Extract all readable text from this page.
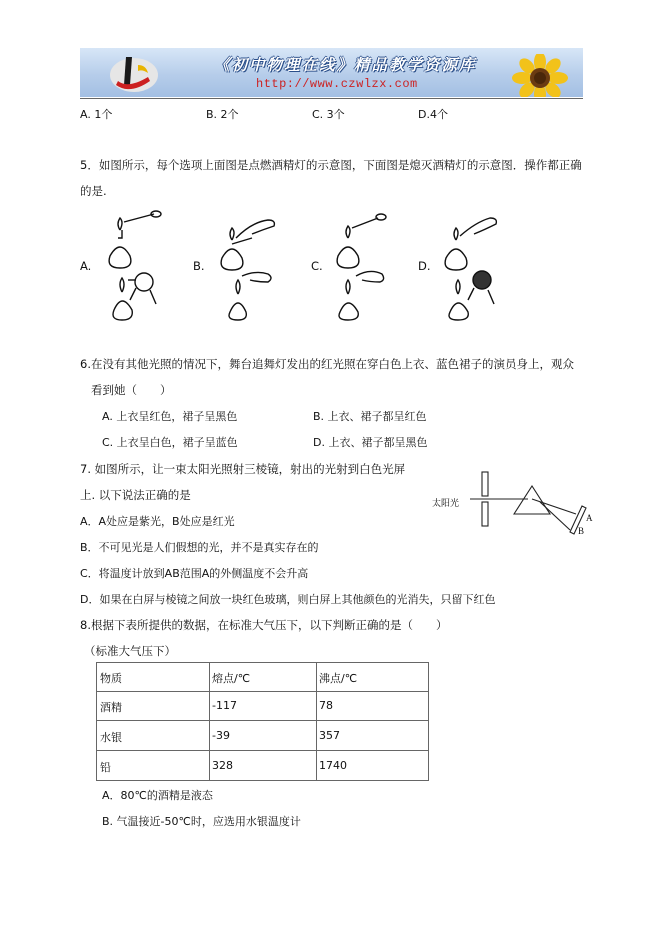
《初中物理在线》精品教学资源库
http://www.czwlzx.com
A. 1个	B. 2个	C. 3个	D.4个
5．如图所示，每个选项上面图是点燃酒精灯的示意图，下面图是熄灭酒精灯的示意图．操作都正确
的是.
A.	B.	C.	D.
6.在没有其他光照的情况下，舞台追舞灯发出的红光照在穿白色上衣、蓝色裙子的演员身上，观众
看到她（　　）
A. 上衣呈红色，裙子呈黑色	B. 上衣、裙子都呈红色
C. 上衣呈白色，裙子呈蓝色	D. 上衣、裙子都呈黑色
7. 如图所示，让一束太阳光照射三棱镜，射出的光射到白色光屏
上. 以下说法正确的是
A．A处应是紫光，B处应是红光
B．不可见光是人们假想的光，并不是真实存在的
C．将温度计放到AB范围A的外侧温度不会升高
D．如果在白屏与棱镜之间放一块红色玻璃，则白屏上其他颜色的光消失，只留下红色
太阳光
A
B
8.根据下表所提供的数据，在标准大气压下，以下判断正确的是（　　）
（标准大气压下）
物质	熔点/℃	沸点/℃
酒精	-117	78
水银	-39	357
铅	328	1740
A．80℃的酒精是液态
B. 气温接近-50℃时，应选用水银温度计
